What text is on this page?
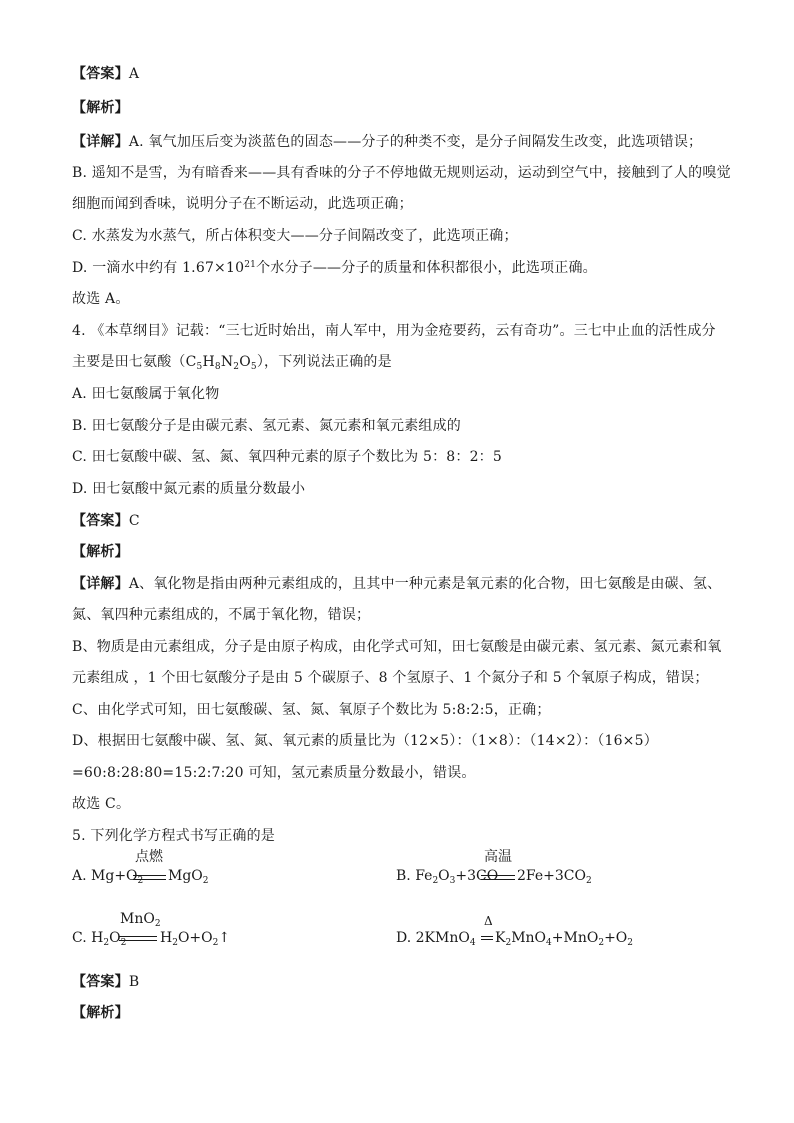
【答案】A
【解析】
【详解】A. 氧气加压后变为淡蓝色的固态——分子的种类不变，是分子间隔发生改变，此选项错误；
B. 遥知不是雪，为有暗香来——具有香味的分子不停地做无规则运动，运动到空气中，接触到了人的嗅觉
细胞而闻到香味，说明分子在不断运动，此选项正确；
C. 水蒸发为水蒸气，所占体积变大——分子间隔改变了，此选项正确；
D. 一滴水中约有 $1.67\times 10^{21}$个水分子——分子的质量和体积都很小，此选项正确。
故选 A。
4. 《本草纲目》记载：“三七近时始出，南人军中，用为金疮要药，云有奇功”。三七中止血的活性成分
主要是田七氨酸$(C_5H_8N_2O_5)$，下列说法正确的是
A. 田七氨酸属于氧化物
B. 田七氨酸分子是由碳元素、氢元素、氮元素和氧元素组成的
C. 田七氨酸中碳、氢、氮、氧四种元素的原子个数比为 5：8：2：5
D. 田七氨酸中氮元素的质量分数最小
【答案】C
【解析】
【详解】A、氧化物是指由两种元素组成的，且其中一种元素是氧元素的化合物，田七氨酸是由碳、氢、
氮、氧四种元素组成的，不属于氧化物，错误；
B、物质是由元素组成，分子是由原子构成，由化学式可知，田七氨酸是由碳元素、氢元素、氮元素和氧
元素组成 ，1 个田七氨酸分子是由 5 个碳原子、8 个氢原子、1 个氮分子和 5 个氧原子构成，错误；
C、由化学式可知，田七氨酸碳、氢、氮、氧原子个数比为 5:8:2:5，正确；
D、根据田七氨酸中碳、氢、氮、氧元素的质量比为（12×5）：（1×8）：（14×2）：（16×5）
=60:8:28:80=15:2:7:20 可知，氢元素质量分数最小，错误。
故选 C。
5. 下列化学方程式书写正确的是
A. $Mg+O_2$
点燃
MgO$_2$	B. $Fe_2O_3+3CO$
高温
$2Fe+3CO_2$
C. $H_2O_2$
MnO$_2$
$H_2O+O_2↑$	D. 2KMnO$_4$
Δ
$K_2MnO_4+MnO_2+O_2$
【答案】B
【解析】
